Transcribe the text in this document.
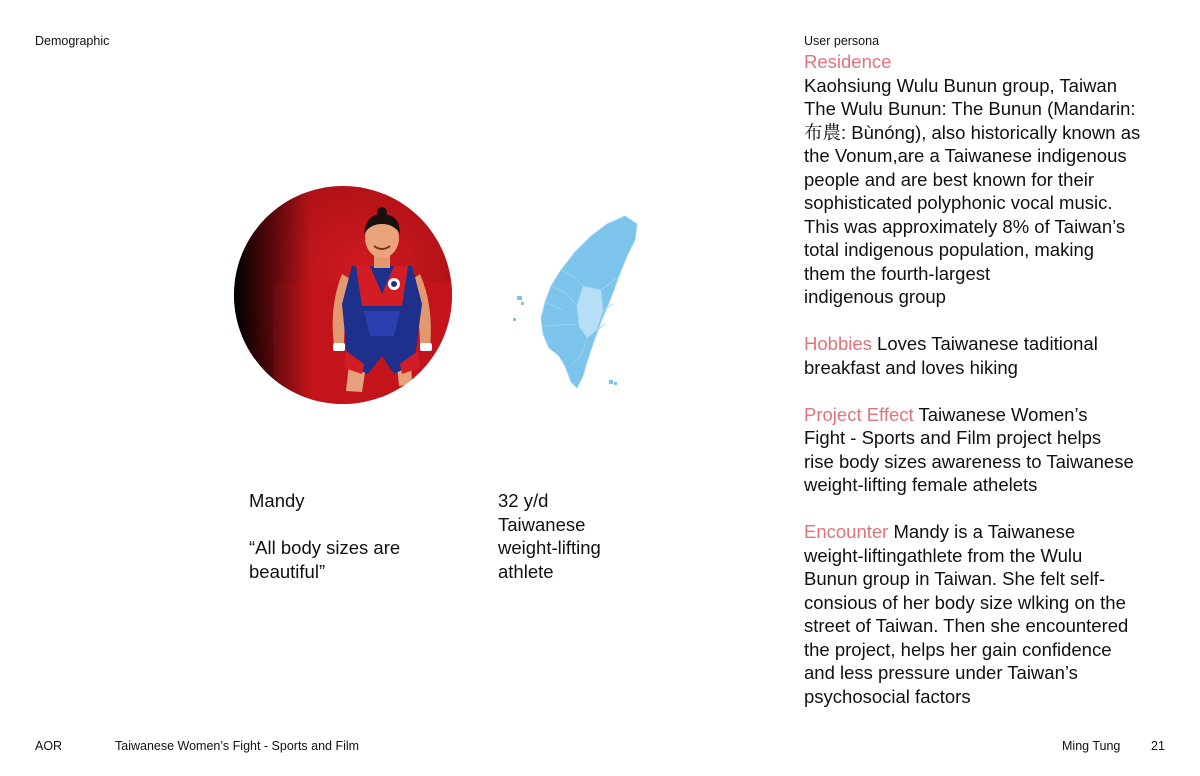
Demographic	User persona
Mandy
“All body sizes are
beautiful”
32 y/d
Taiwanese
weight-lifting
athlete
Residence
Kaohsiung Wulu Bunun group, Taiwan
The Wulu Bunun: The Bunun (Mandarin:
布農: Bùnóng), also historically known as
the Vonum,are a Taiwanese indigenous
people and are best known for their
sophisticated polyphonic vocal music.
This was approximately 8% of Taiwan’s
total indigenous population, making
them the fourth-largest
indigenous group
Hobbies Loves Taiwanese taditional
breakfast and loves hiking
Project Effect Taiwanese Women’s
Fight - Sports and Film project helps
rise body sizes awareness to Taiwanese
weight-lifting female athelets
Encounter Mandy is a Taiwanese
weight-liftingathlete from the Wulu
Bunun group in Taiwan. She felt self-
consious of her body size wlking on the
street of Taiwan. Then she encountered
the project, helps her gain confidence
and less pressure under Taiwan’s
psychosocial factors
AOR	Taiwanese Women’s Fight - Sports and Film	Ming Tung 21
